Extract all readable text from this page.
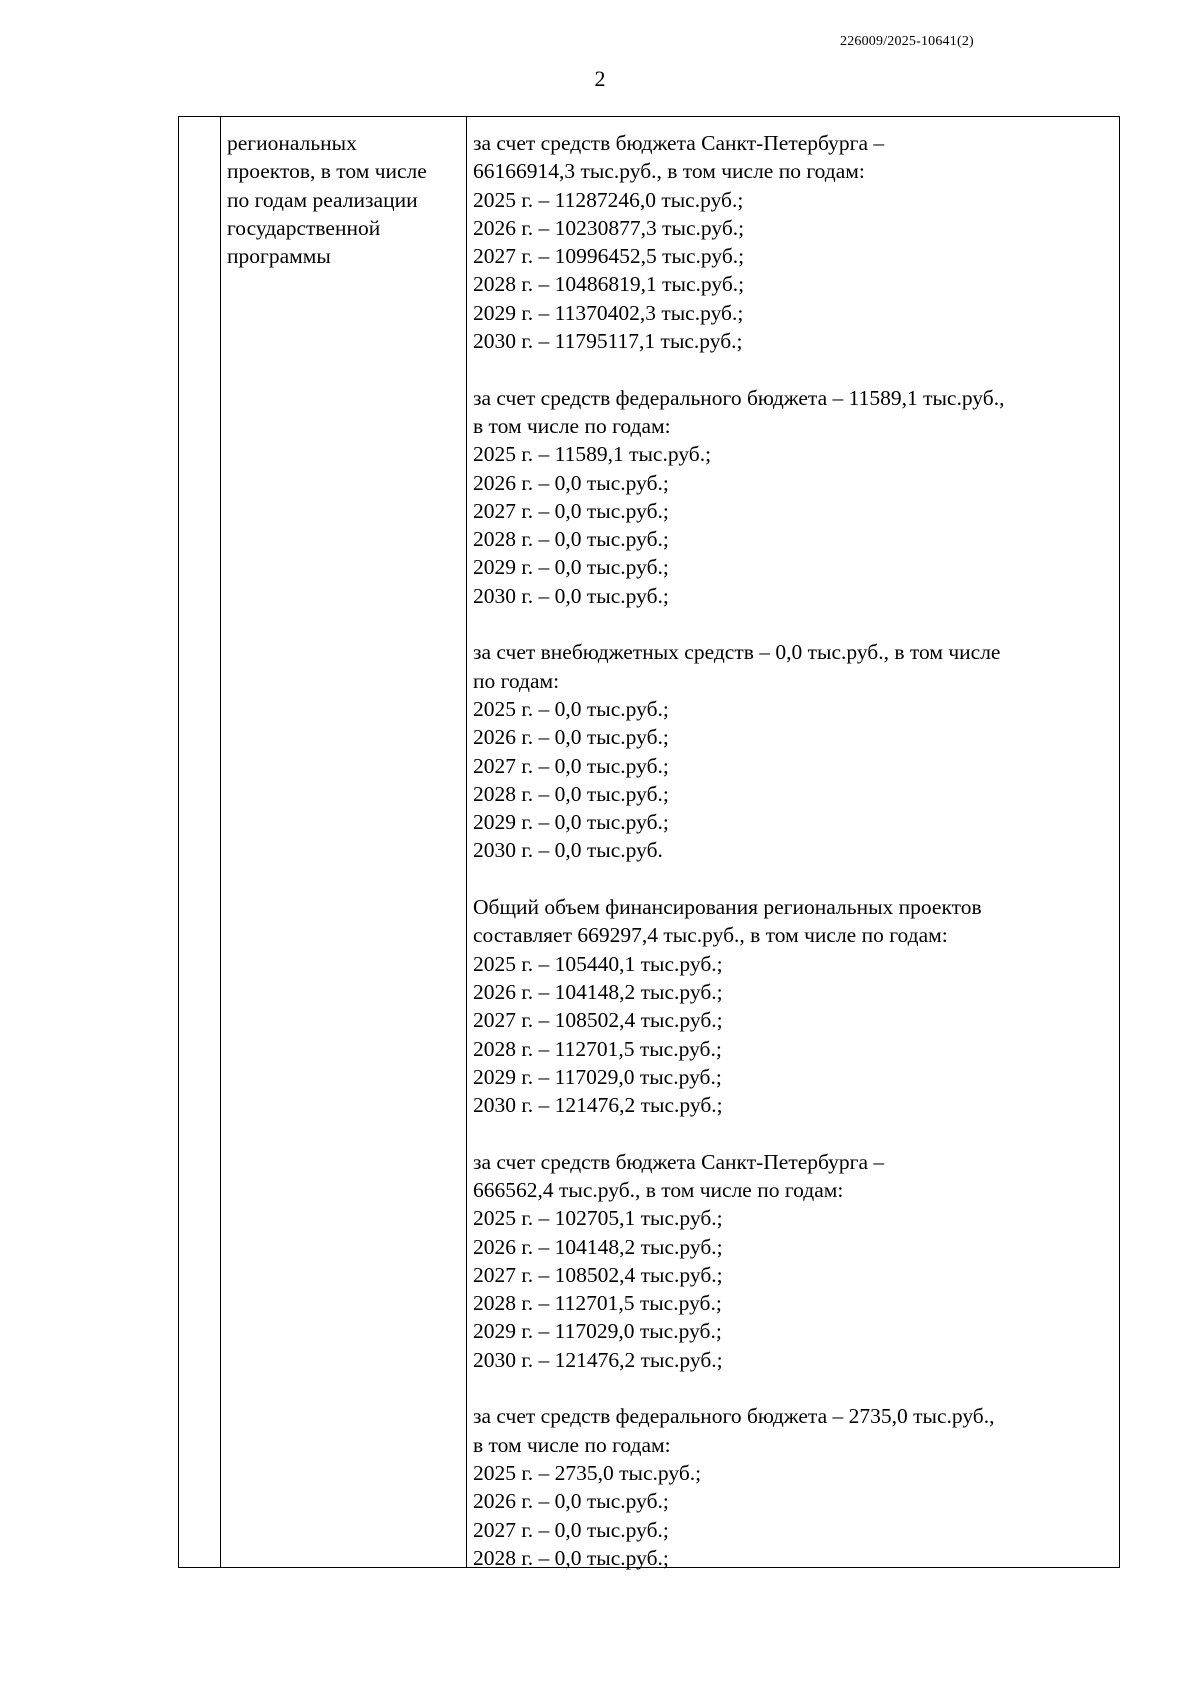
226009/2025-10641(2)
2
региональных
проектов, в том числе
по годам реализации
государственной
программы
за счет средств бюджета Санкт-Петербурга –
66166914,3 тыс.руб., в том числе по годам:
2025 г. – 11287246,0 тыс.руб.;
2026 г. – 10230877,3 тыс.руб.;
2027 г. – 10996452,5 тыс.руб.;
2028 г. – 10486819,1 тыс.руб.;
2029 г. – 11370402,3 тыс.руб.;
2030 г. – 11795117,1 тыс.руб.;
за счет средств федерального бюджета – 11589,1 тыс.руб.,
в том числе по годам:
2025 г. – 11589,1 тыс.руб.;
2026 г. – 0,0 тыс.руб.;
2027 г. – 0,0 тыс.руб.;
2028 г. – 0,0 тыс.руб.;
2029 г. – 0,0 тыс.руб.;
2030 г. – 0,0 тыс.руб.;
за счет внебюджетных средств – 0,0 тыс.руб., в том числе
по годам:
2025 г. – 0,0 тыс.руб.;
2026 г. – 0,0 тыс.руб.;
2027 г. – 0,0 тыс.руб.;
2028 г. – 0,0 тыс.руб.;
2029 г. – 0,0 тыс.руб.;
2030 г. – 0,0 тыс.руб.
Общий объем финансирования региональных проектов
составляет 669297,4 тыс.руб., в том числе по годам:
2025 г. – 105440,1 тыс.руб.;
2026 г. – 104148,2 тыс.руб.;
2027 г. – 108502,4 тыс.руб.;
2028 г. – 112701,5 тыс.руб.;
2029 г. – 117029,0 тыс.руб.;
2030 г. – 121476,2 тыс.руб.;
за счет средств бюджета Санкт-Петербурга –
666562,4 тыс.руб., в том числе по годам:
2025 г. – 102705,1 тыс.руб.;
2026 г. – 104148,2 тыс.руб.;
2027 г. – 108502,4 тыс.руб.;
2028 г. – 112701,5 тыс.руб.;
2029 г. – 117029,0 тыс.руб.;
2030 г. – 121476,2 тыс.руб.;
за счет средств федерального бюджета – 2735,0 тыс.руб.,
в том числе по годам:
2025 г. – 2735,0 тыс.руб.;
2026 г. – 0,0 тыс.руб.;
2027 г. – 0,0 тыс.руб.;
2028 г. – 0,0 тыс.руб.;
